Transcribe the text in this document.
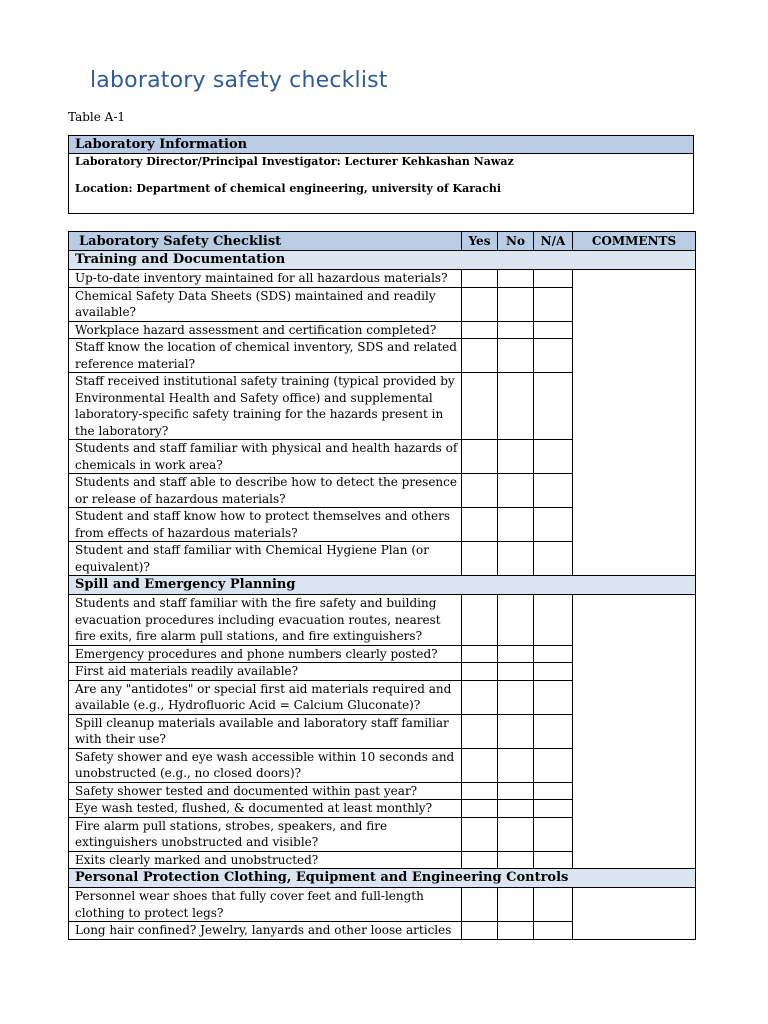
laboratory safety checklist
Table A-1
Laboratory Information
Laboratory Director/Principal Investigator: Lecturer Kehkashan Nawaz
Location: Department of chemical engineering, university of Karachi
Laboratory Safety Checklist	Yes	No	N/A	COMMENTS
Training and Documentation				
Up-to-date inventory maintained for all hazardous materials?				
Chemical Safety Data Sheets (SDS) maintained and readily available?				
Workplace hazard assessment and certification completed?				
Staff know the location of chemical inventory, SDS and related reference material?				
Staff received institutional safety training (typical provided by Environmental Health and Safety office) and supplemental laboratory-specific safety training for the hazards present in the laboratory?				
Students and staff familiar with physical and health hazards of chemicals in work area?				
Students and staff able to describe how to detect the presence or release of hazardous materials?				
Student and staff know how to protect themselves and others from effects of hazardous materials?				
Student and staff familiar with Chemical Hygiene Plan (or equivalent)?				
Spill and Emergency Planning				
Students and staff familiar with the fire safety and building evacuation procedures including evacuation routes, nearest fire exits, fire alarm pull stations, and fire extinguishers?				
Emergency procedures and phone numbers clearly posted?				
First aid materials readily available?				
Are any "antidotes" or special first aid materials required and available (e.g., Hydrofluoric Acid = Calcium Gluconate)?				
Spill cleanup materials available and laboratory staff familiar with their use?				
Safety shower and eye wash accessible within 10 seconds and unobstructed (e.g., no closed doors)?				
Safety shower tested and documented within past year?				
Eye wash tested, flushed, & documented at least monthly?				
Fire alarm pull stations, strobes, speakers, and fire extinguishers unobstructed and visible?				
Exits clearly marked and unobstructed?				
Personal Protection Clothing, Equipment and Engineering Controls				
Personnel wear shoes that fully cover feet and full-length clothing to protect legs?				
Long hair confined? Jewelry, lanyards and other loose articles				
